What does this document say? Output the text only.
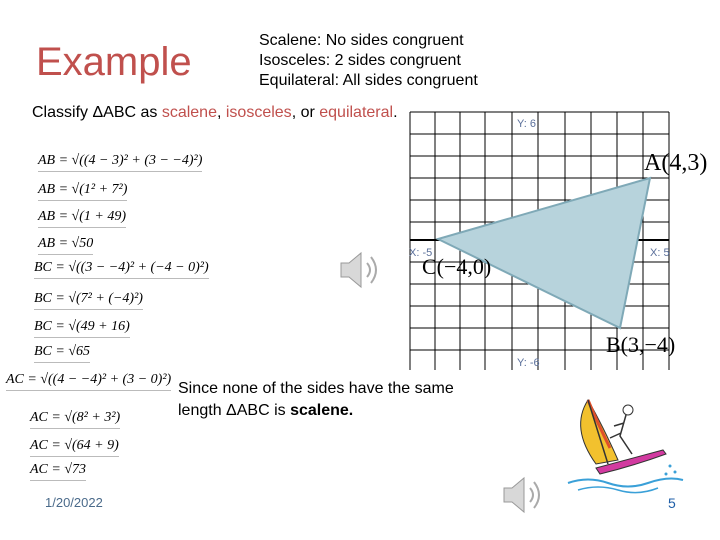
Example	Scalene: No sides congruent
Isosceles: 2 sides congruent
Equilateral: All sides congruent
Classify ΔABC as scalene, isosceles, or equilateral.
AB = √((4 − 3)² + (3 − −4)²)
AB = √(1² + 7²)
AB = √(1 + 49)
AB = √50
BC = √((3 − −4)² + (−4 − 0)²)
BC = √(7² + (−4)²)
BC = √(49 + 16)
BC = √65
AC = √((4 − −4)² + (3 − 0)²)
AC = √(8² + 3²)
AC = √(64 + 9)
AC = √73
Y: 6
Y: -6
X: -5	X: 5
A(4,3)
B(3,−4)
C(−4,0)
Since none of the sides have the same length ΔABC is scalene.
1/20/2022	5
